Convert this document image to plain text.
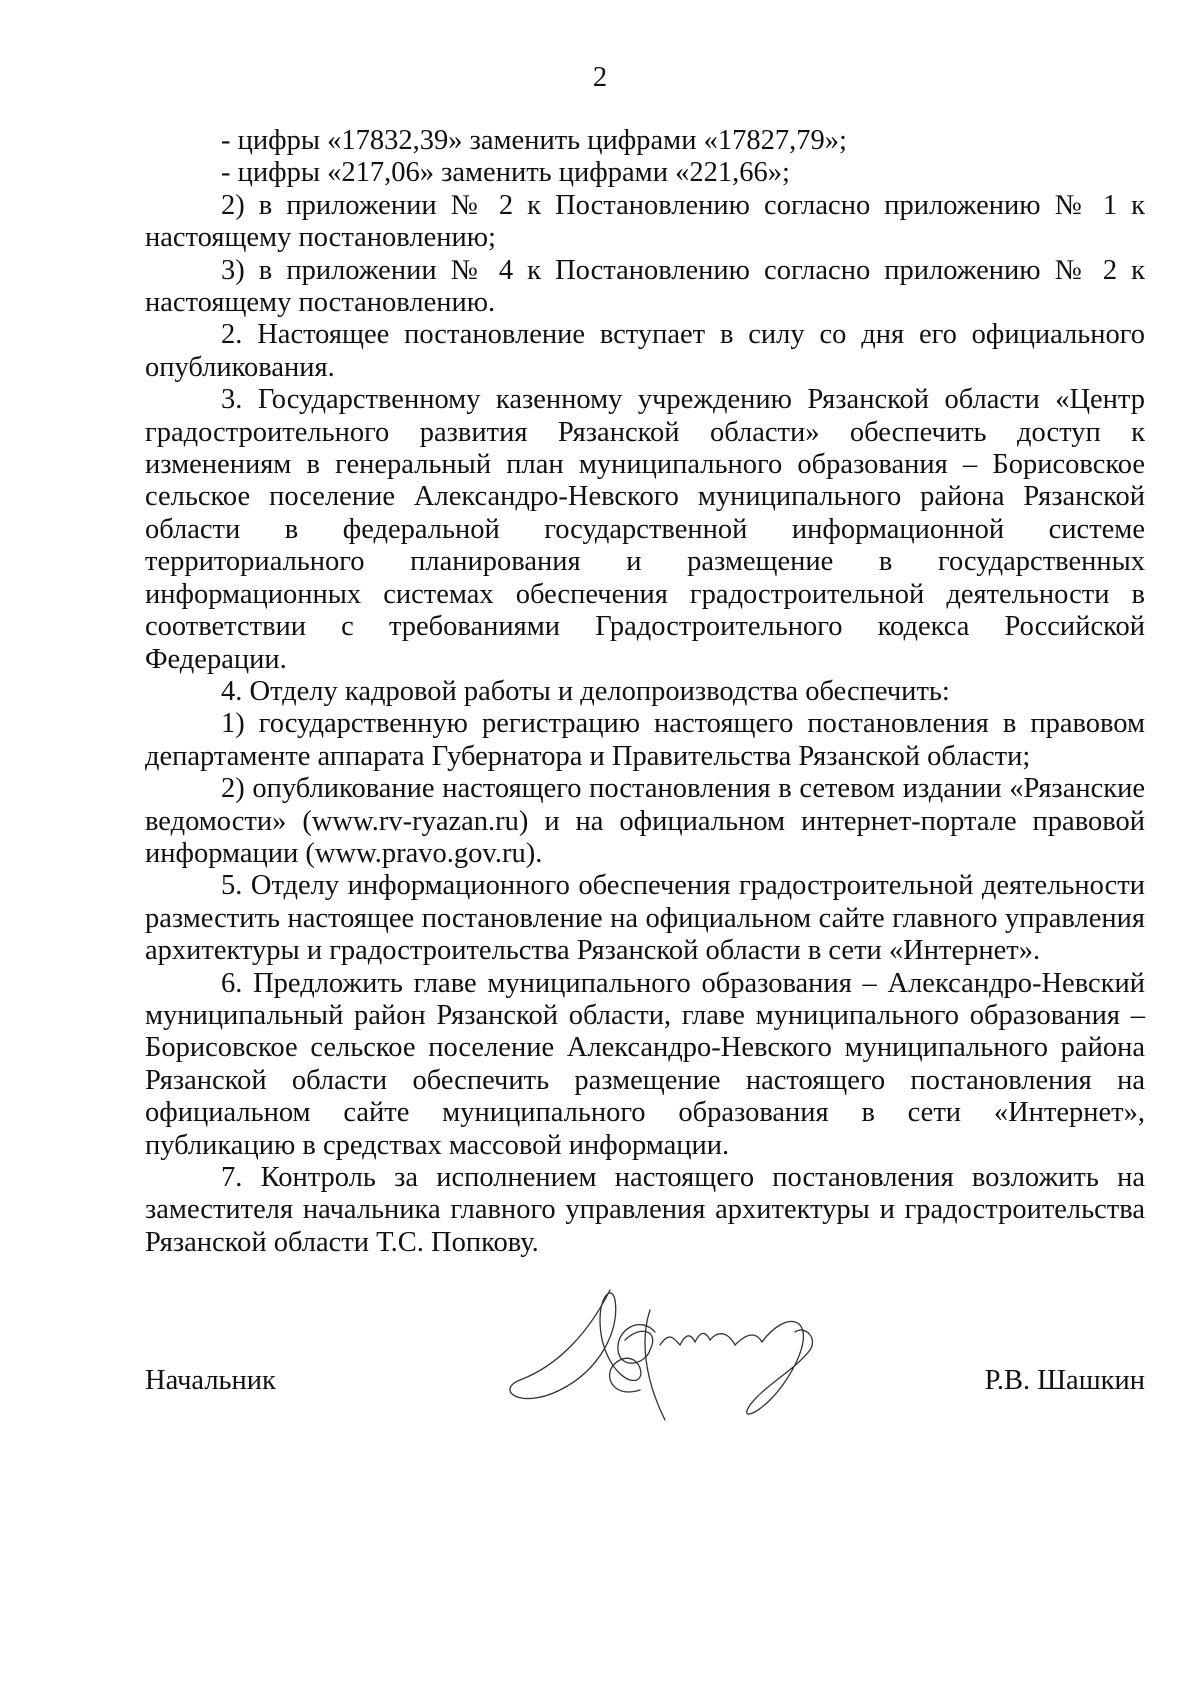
2

- цифры «17832,39» заменить цифрами «17827,79»;

- цифры «217,06» заменить цифрами «221,66»;

2) в приложении № 2 к Постановлению согласно приложению № 1 к настоящему постановлению;

3) в приложении № 4 к Постановлению согласно приложению № 2 к настоящему постановлению.

2. Настоящее постановление вступает в силу со дня его официального опубликования.

3. Государственному казенному учреждению Рязанской области «Центр градостроительного развития Рязанской области» обеспечить доступ к изменениям в генеральный план муниципального образования – Борисовское сельское поселение Александро-Невского муниципального района Рязанской области в федеральной государственной информационной системе территориального планирования и размещение в государственных информационных системах обеспечения градостроительной деятельности в соответствии с требованиями Градостроительного кодекса Российской Федерации.

4. Отделу кадровой работы и делопроизводства обеспечить:

1) государственную регистрацию настоящего постановления в правовом департаменте аппарата Губернатора и Правительства Рязанской области;

2) опубликование настоящего постановления в сетевом издании «Рязанские ведомости» (www.rv-ryazan.ru) и на официальном интернет-портале правовой информации (www.pravo.gov.ru).

5. Отделу информационного обеспечения градостроительной деятельности разместить настоящее постановление на официальном сайте главного управления архитектуры и градостроительства Рязанской области в сети «Интернет».

6. Предложить главе муниципального образования – Александро-Невский муниципальный район Рязанской области, главе муниципального образования – Борисовское сельское поселение Александро-Невского муниципального района Рязанской области обеспечить размещение настоящего постановления на официальном сайте муниципального образования в сети «Интернет», публикацию в средствах массовой информации.

7. Контроль за исполнением настоящего постановления возложить на заместителя начальника главного управления архитектуры и градостроительства Рязанской области Т.С. Попкову.

Начальник	Р.В. Шашкин
